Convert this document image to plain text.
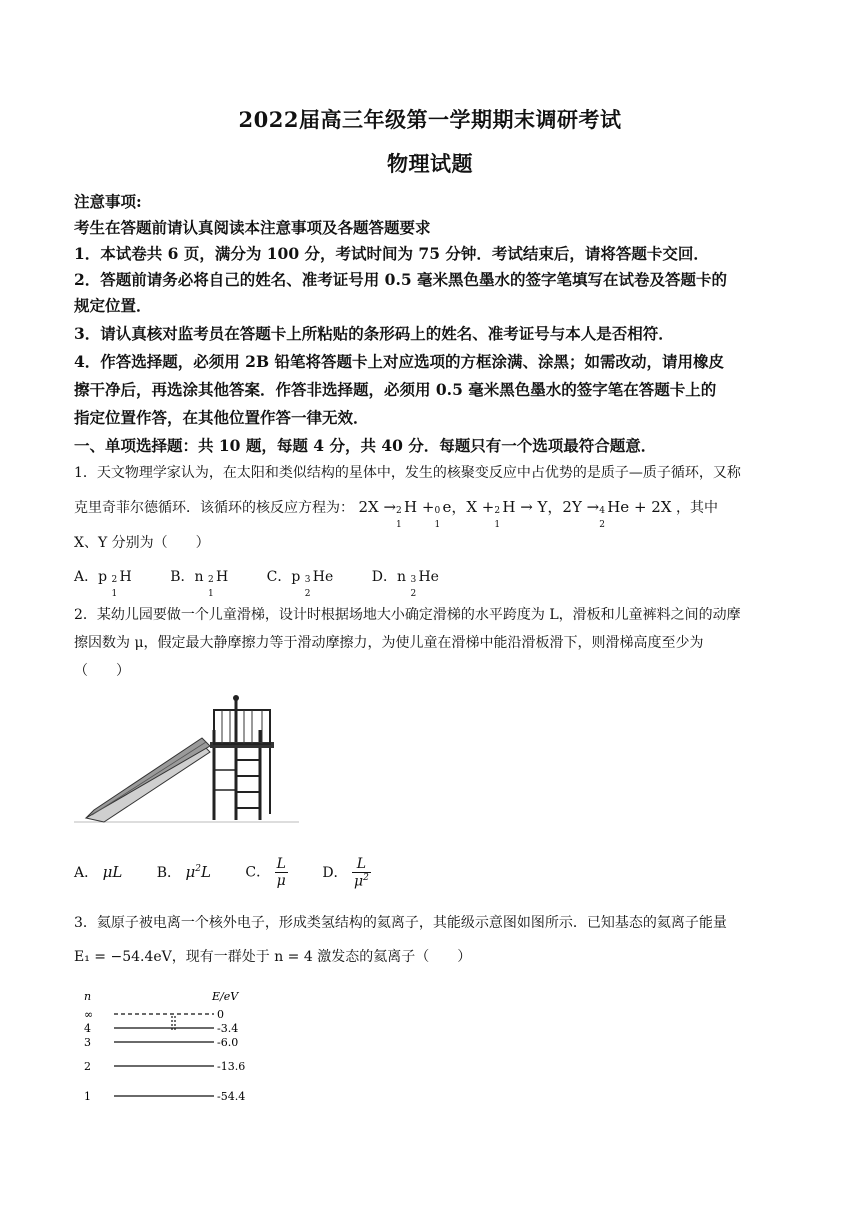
2022届高三年级第一学期期末调研考试
物理试题
注意事项:
考生在答题前请认真阅读本注意事项及各题答题要求
1．本试卷共 6 页，满分为 100 分，考试时间为 75 分钟．考试结束后，请将答题卡交回．
2．答题前请务必将自己的姓名、准考证号用 0.5 毫米黑色墨水的签字笔填写在试卷及答题卡的
规定位置．
3．请认真核对监考员在答题卡上所粘贴的条形码上的姓名、准考证号与本人是否相符．
4．作答选择题，必须用 2B 铅笔将答题卡上对应选项的方框涂满、涂黑；如需改动，请用橡皮
擦干净后，再选涂其他答案．作答非选择题，必须用 0.5 毫米黑色墨水的签字笔在答题卡上的
指定位置作答，在其他位置作答一律无效．
一、单项选择题：共 10 题，每题 4 分，共 40 分．每题只有一个选项最符合题意．
1．天文物理学家认为，在太阳和类似结构的星体中，发生的核聚变反应中占优势的是质子—质子循环，又称
克里奇菲尔德循环．该循环的核反应方程为： 2X → 2
1
H + 0
1
e，X + 2
1
H → Y，2Y → 4
2
He + 2X ，其中
X、Y 分别为（　　）
A．p 2
1
H	B．n 2
1
H	C．p 3
2
He	D．n 3
2
He
2．某幼儿园要做一个儿童滑梯，设计时根据场地大小确定滑梯的水平跨度为 L，滑板和儿童裤料之间的动摩
擦因数为 μ，假定最大静摩擦力等于滑动摩擦力，为使儿童在滑梯中能沿滑板滑下，则滑梯高度至少为
（　　）
A． μL B． $\mu^2L$ C． $\frac{L}{\mu}$ D． $\frac{L}{\mu^2}$
3．氦原子被电离一个核外电子，形成类氢结构的氦离子，其能级示意图如图所示．已知基态的氦离子能量
E₁ = −54.4eV，现有一群处于 n = 4 激发态的氦离子（　　）
n	E/eV
∞	0
4	-3.4
3	-6.0
2	-13.6
1	-54.4
